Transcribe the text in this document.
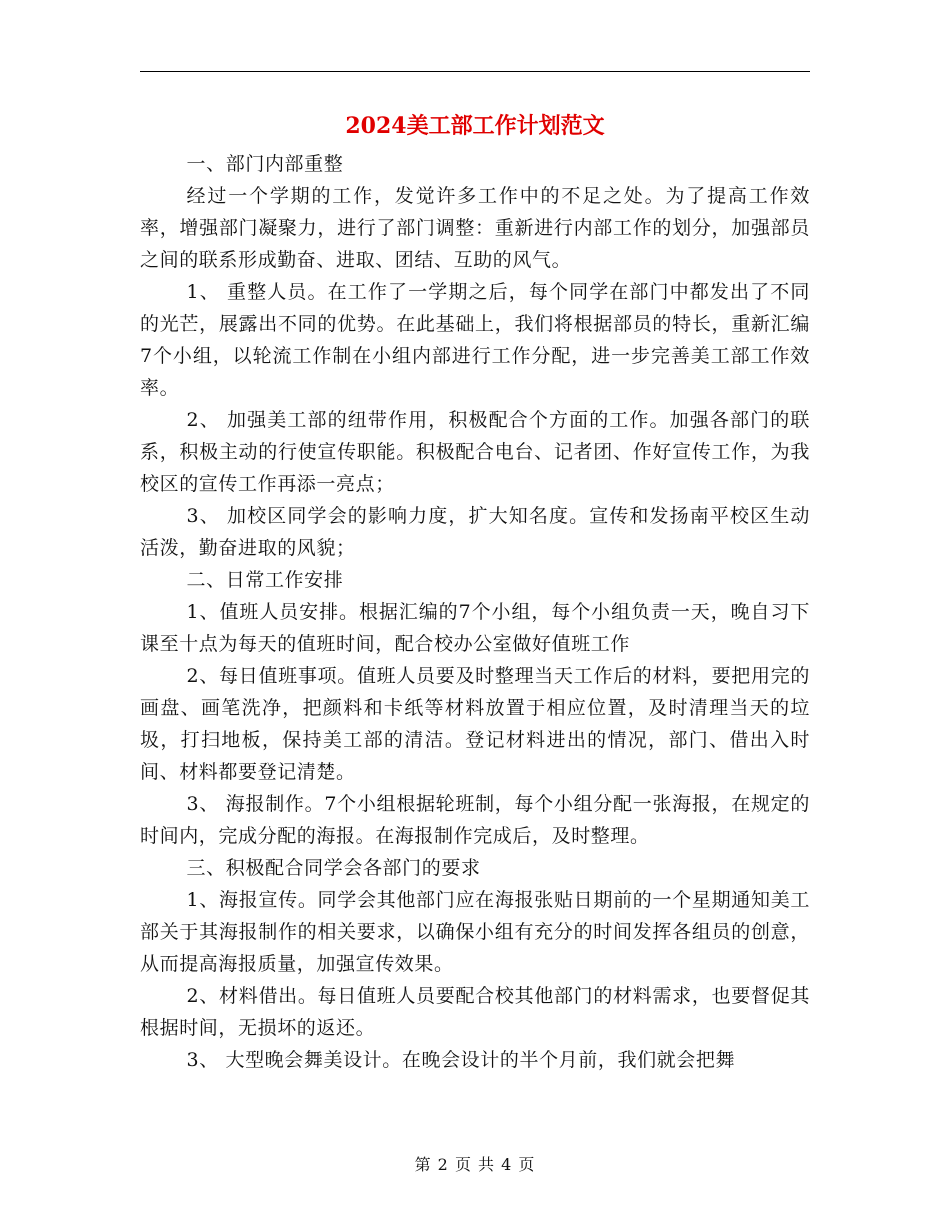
2024美工部工作计划范文

一、部门内部重整

经过一个学期的工作，发觉许多工作中的不足之处。为了提高工作效率，增强部门凝聚力，进行了部门调整：重新进行内部工作的划分，加强部员之间的联系形成勤奋、进取、团结、互助的风气。

1、 重整人员。在工作了一学期之后，每个同学在部门中都发出了不同的光芒，展露出不同的优势。在此基础上，我们将根据部员的特长，重新汇编7个小组，以轮流工作制在小组内部进行工作分配，进一步完善美工部工作效率。

2、 加强美工部的纽带作用，积极配合个方面的工作。加强各部门的联系，积极主动的行使宣传职能。积极配合电台、记者团、作好宣传工作，为我校区的宣传工作再添一亮点；

3、 加校区同学会的影响力度，扩大知名度。宣传和发扬南平校区生动活泼，勤奋进取的风貌；

二、日常工作安排

1、值班人员安排。根据汇编的7个小组，每个小组负责一天，晚自习下课至十点为每天的值班时间，配合校办公室做好值班工作

2、每日值班事项。值班人员要及时整理当天工作后的材料，要把用完的画盘、画笔洗净，把颜料和卡纸等材料放置于相应位置，及时清理当天的垃圾，打扫地板，保持美工部的清洁。登记材料进出的情况，部门、借出入时间、材料都要登记清楚。

3、 海报制作。7个小组根据轮班制，每个小组分配一张海报，在规定的时间内，完成分配的海报。在海报制作完成后，及时整理。

三、积极配合同学会各部门的要求

1、海报宣传。同学会其他部门应在海报张贴日期前的一个星期通知美工部关于其海报制作的相关要求，以确保小组有充分的时间发挥各组员的创意，从而提高海报质量，加强宣传效果。

2、材料借出。每日值班人员要配合校其他部门的材料需求，也要督促其根据时间，无损坏的返还。

3、 大型晚会舞美设计。在晚会设计的半个月前，我们就会把舞

第 2 页 共 4 页
